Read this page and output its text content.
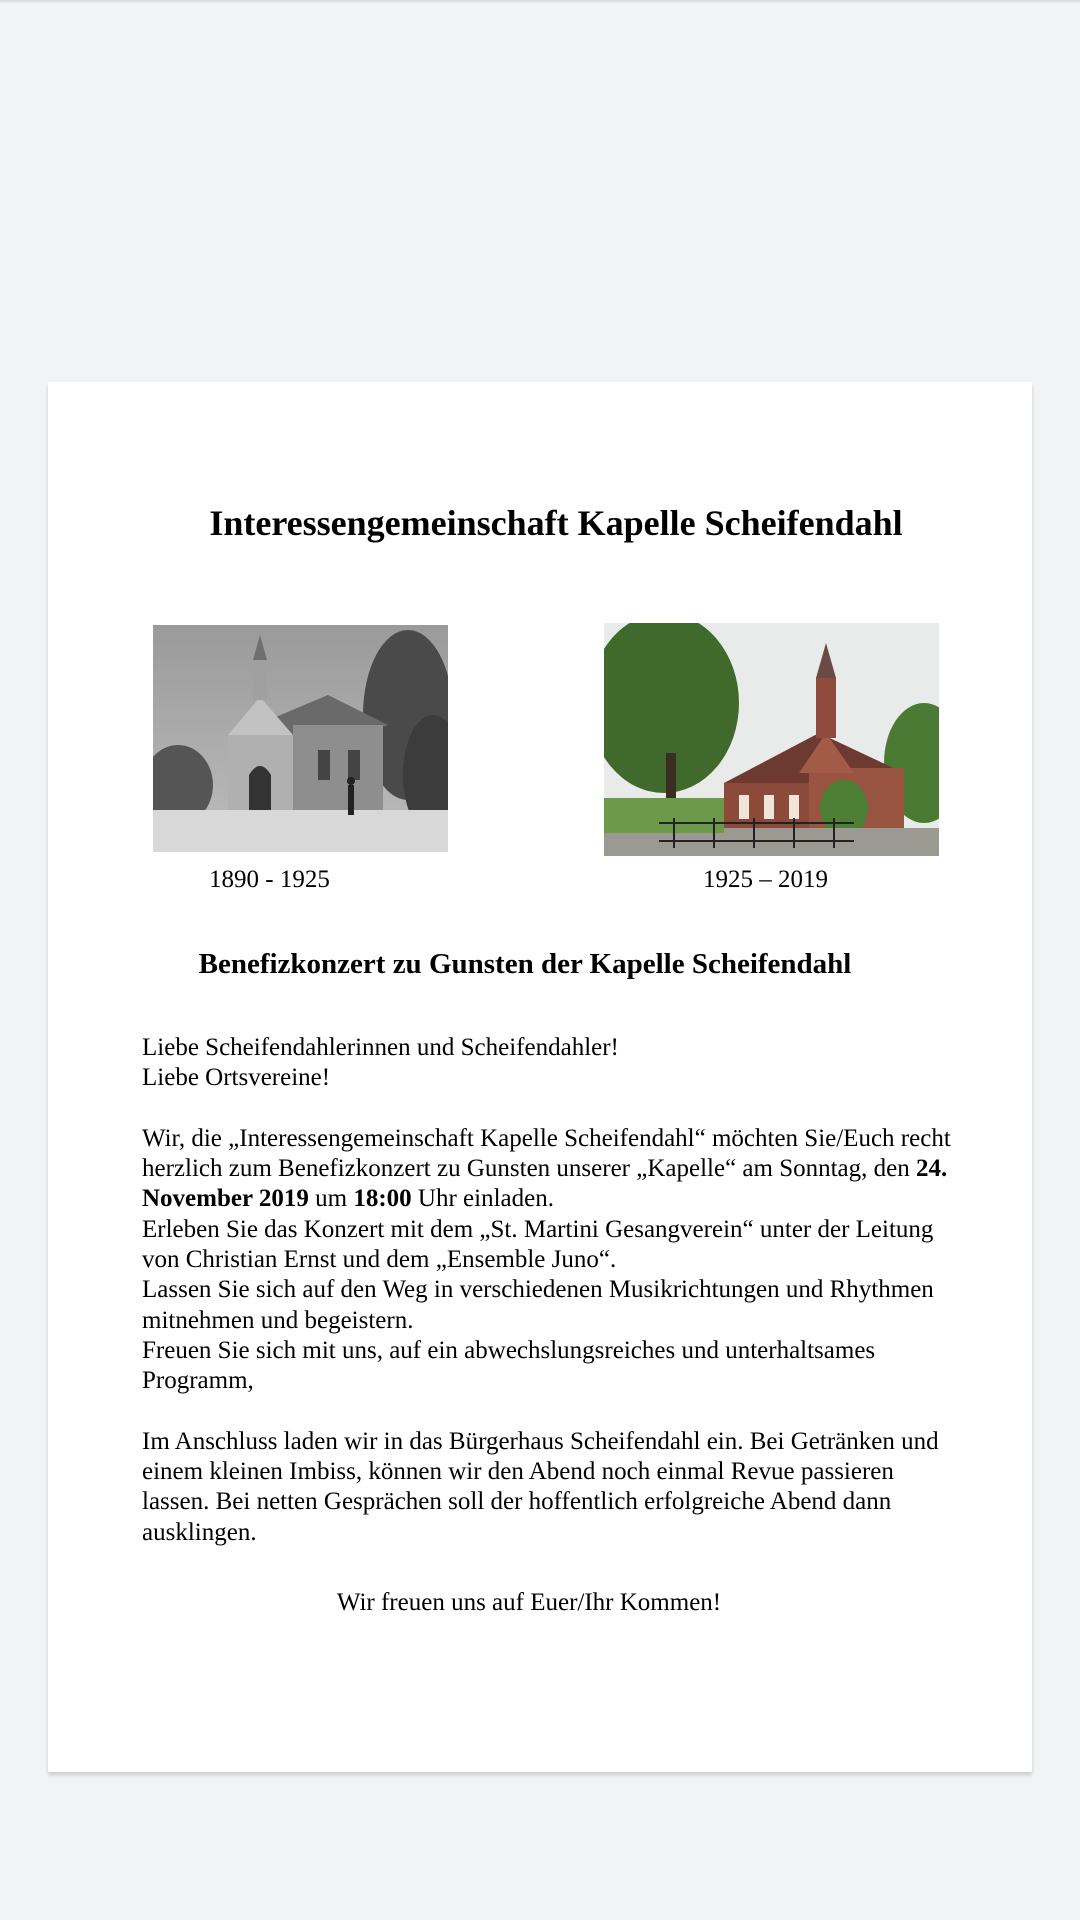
Interessengemeinschaft Kapelle Scheifendahl
1890 - 1925	1925 – 2019
Benefizkonzert zu Gunsten der Kapelle Scheifendahl

Liebe Scheifendahlerinnen und Scheifendahler!

Liebe Ortsvereine!

Wir, die „Interessengemeinschaft Kapelle Scheifendahl“ möchten Sie/Euch recht herzlich zum Benefizkonzert zu Gunsten unserer „Kapelle“ am Sonntag, den 24. November 2019 um 18:00 Uhr einladen.

Erleben Sie das Konzert mit dem „St. Martini Gesangverein“ unter der Leitung von Christian Ernst und dem „Ensemble Juno“.

Lassen Sie sich auf den Weg in verschiedenen Musikrichtungen und Rhythmen mitnehmen und begeistern.

Freuen Sie sich mit uns, auf ein abwechslungsreiches und unterhaltsames Programm,

Im Anschluss laden wir in das Bürgerhaus Scheifendahl ein. Bei Getränken und einem kleinen Imbiss, können wir den Abend noch einmal Revue passieren lassen. Bei netten Gesprächen soll der hoffentlich erfolgreiche Abend dann ausklingen.

Wir freuen uns auf Euer/Ihr Kommen!
